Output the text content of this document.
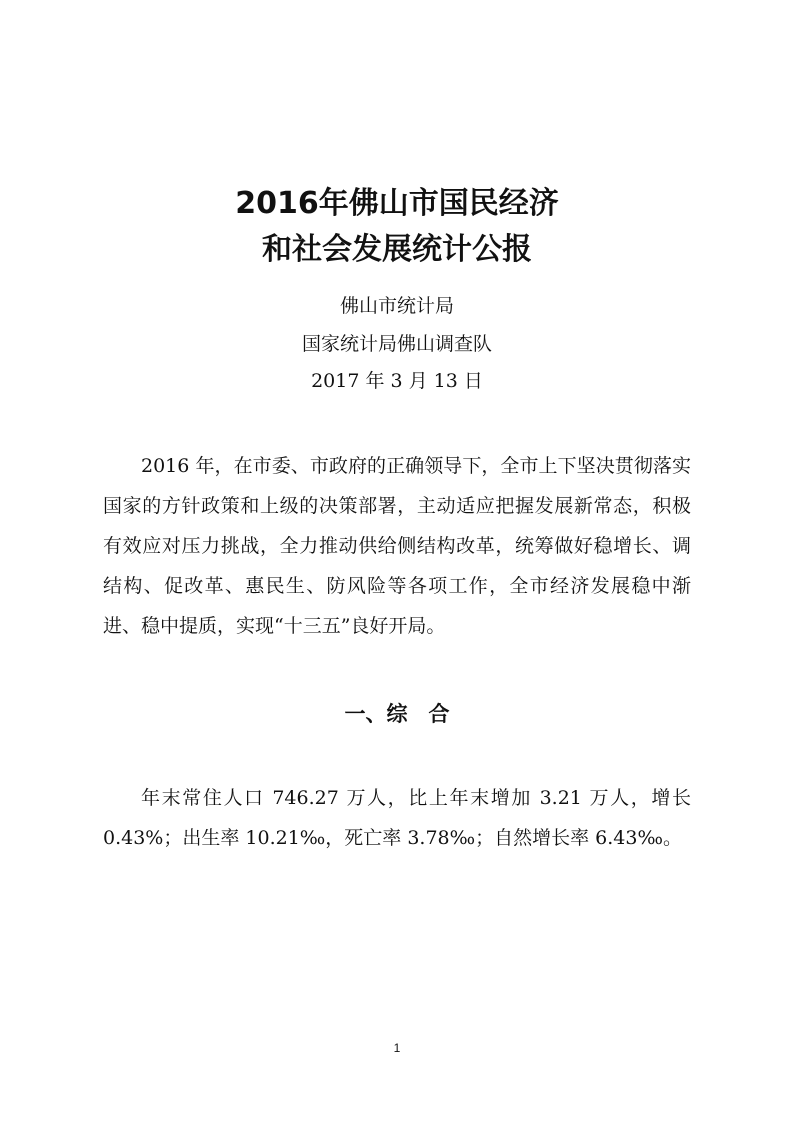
2016年佛山市国民经济
和社会发展统计公报
佛山市统计局
国家统计局佛山调查队
2017 年 3 月 13 日

2016 年，在市委、市政府的正确领导下，全市上下坚决贯彻落实国家的方针政策和上级的决策部署，主动适应把握发展新常态，积极有效应对压力挑战，全力推动供给侧结构改革，统筹做好稳增长、调结构、促改革、惠民生、防风险等各项工作，全市经济发展稳中渐进、稳中提质，实现“十三五”良好开局。

一、综　合

年末常住人口 746.27 万人，比上年末增加 3.21 万人，增长 0.43%；出生率 10.21‰，死亡率 3.78‰；自然增长率 6.43‰。

1
